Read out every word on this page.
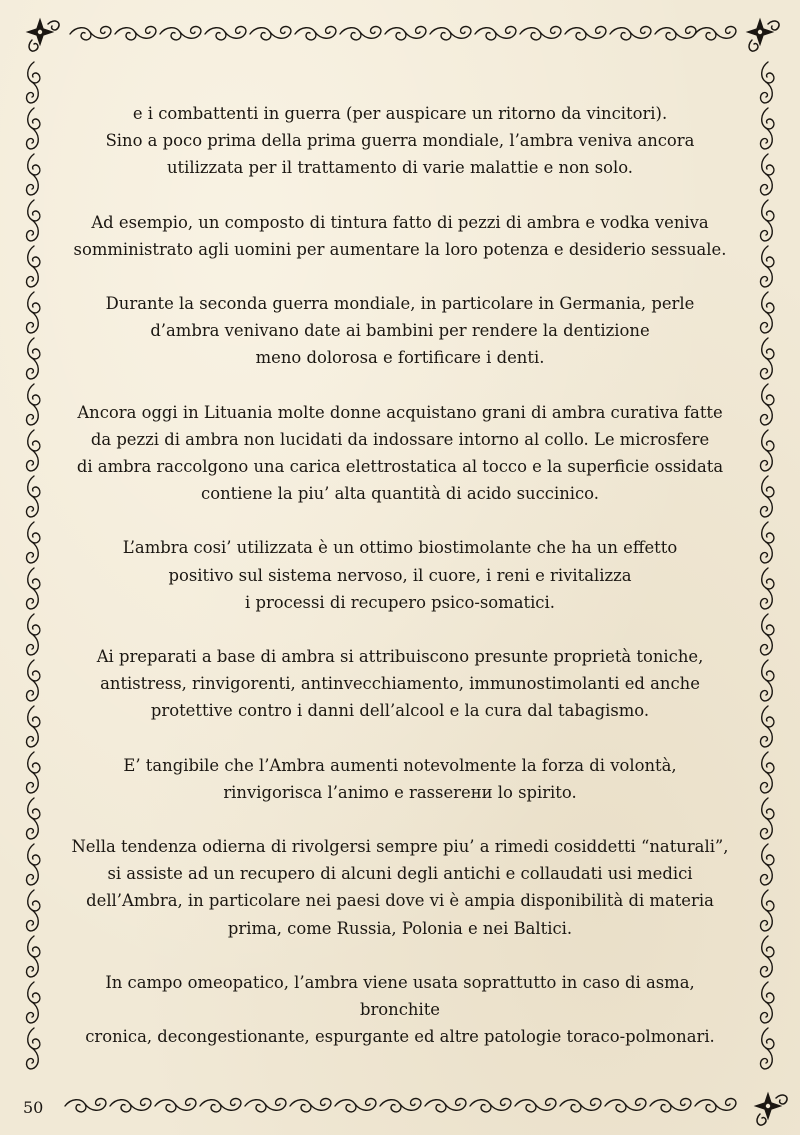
e i combattenti in guerra (per auspicare un ritorno da vincitori).
Sino a poco prima della prima guerra mondiale, l’ambra veniva ancora
utilizzata per il trattamento di varie malattie e non solo.

Ad esempio, un composto di tintura fatto di pezzi di ambra e vodka veniva
somministrato agli uomini per aumentare la loro potenza e desiderio sessuale.

Durante la seconda guerra mondiale, in particolare in Germania, perle
d’ambra venivano date ai bambini per rendere la dentizione
meno dolorosa e fortificare i denti.

Ancora oggi in Lituania molte donne acquistano grani di ambra curativa fatte
da pezzi di ambra non lucidati da indossare intorno al collo. Le microsfere
di ambra raccolgono una carica elettrostatica al tocco e la superficie ossidata
contiene la piu’ alta quantità di acido succinico.

L’ambra cosi’ utilizzata è un ottimo biostimolante che ha un effetto
positivo sul sistema nervoso, il cuore, i reni e rivitalizza
i processi di recupero psico-somatici.

Ai preparati a base di ambra si attribuiscono presunte proprietà toniche,
antistress, rinvigorenti, antinvecchiamento, immunostimolanti ed anche
protettive contro i danni dell’alcool e la cura dal tabagismo.

E’ tangibile che l’Ambra aumenti notevolmente la forza di volontà,
rinvigorisca l’animo e rasserени lo spirito.

Nella tendenza odierna di rivolgersi sempre piu’ a rimedi cosiddetti “naturali”,
si assiste ad un recupero di alcuni degli antichi e collaudati usi medici
dell’Ambra, in particolare nei paesi dove vi è ampia disponibilità di materia
prima, come Russia, Polonia e nei Baltici.

In campo omeopatico, l’ambra viene usata soprattutto in caso di asma, bronchite
cronica, decongestionante, espurgante ed altre patologie toraco-polmonari.

50
